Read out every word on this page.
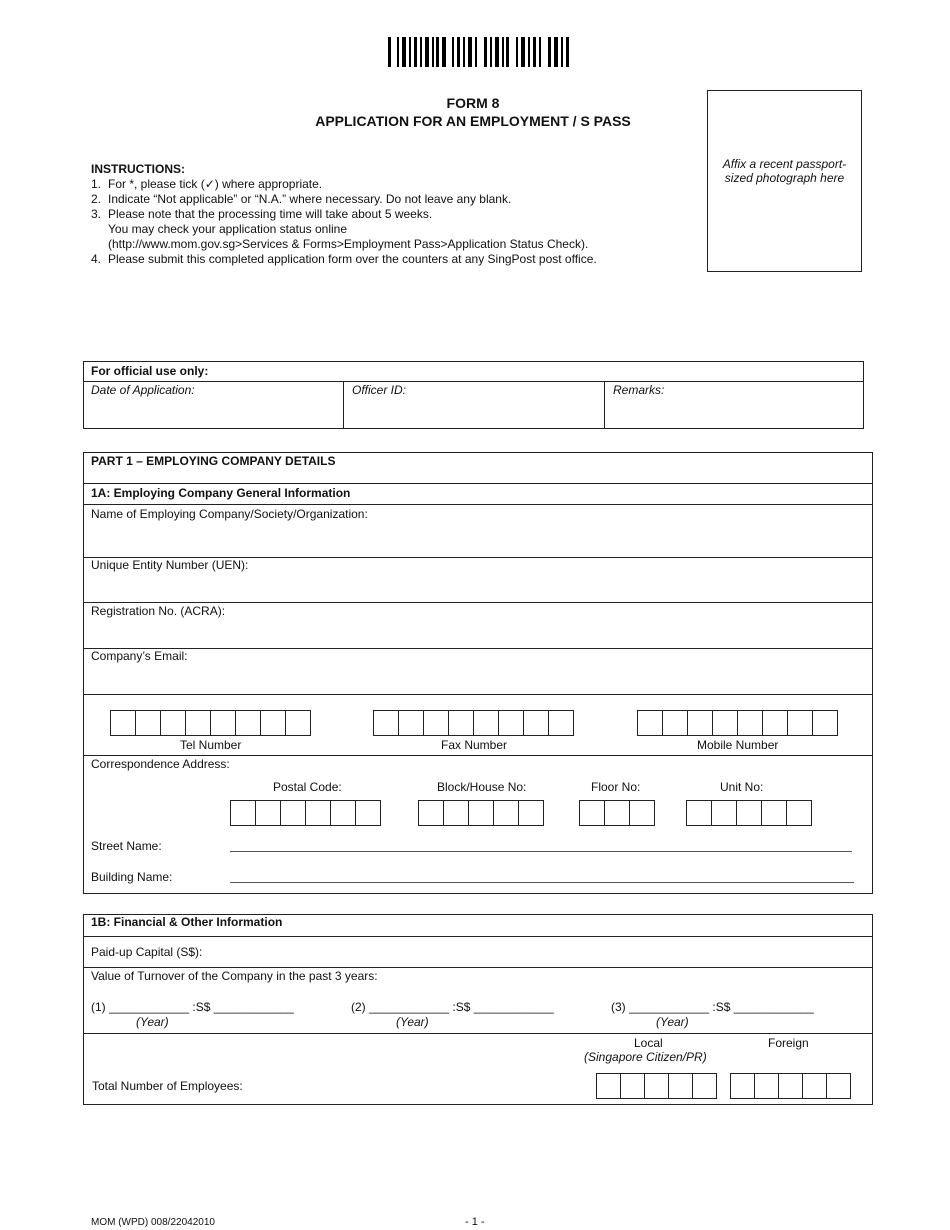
FORM 8
APPLICATION FOR AN EMPLOYMENT / S PASS
Affix a recent passport-sized photograph here
INSTRUCTIONS:
1. For *, please tick (✓) where appropriate.
2. Indicate “Not applicable” or “N.A.” where necessary. Do not leave any blank.
3. Please note that the processing time will take about 5 weeks.
You may check your application status online
(http://www.mom.gov.sg>Services & Forms>Employment Pass>Application Status Check).
4. Please submit this completed application form over the counters at any SingPost post office.
For official use only:
Date of Application:	Officer ID:	Remarks:
PART 1 – EMPLOYING COMPANY DETAILS
1A: Employing Company General Information
Name of Employing Company/Society/Organization:
Unique Entity Number (UEN):
Registration No. (ACRA):
Company’s Email:
Tel Number	Fax Number	Mobile Number
Correspondence Address:
Postal Code:	Block/House No:	Floor No:	Unit No:
Street Name:
Building Name:
1B: Financial & Other Information
Paid-up Capital (S$):
Value of Turnover of the Company in the past 3 years:
(1) ____________ :S$ ____________
(Year)
(2) ____________ :S$ ____________
(Year)
(3) ____________ :S$ ____________
(Year)
Local
(Singapore Citizen/PR)
Foreign
Total Number of Employees:
MOM (WPD) 008/22042010	- 1 -
